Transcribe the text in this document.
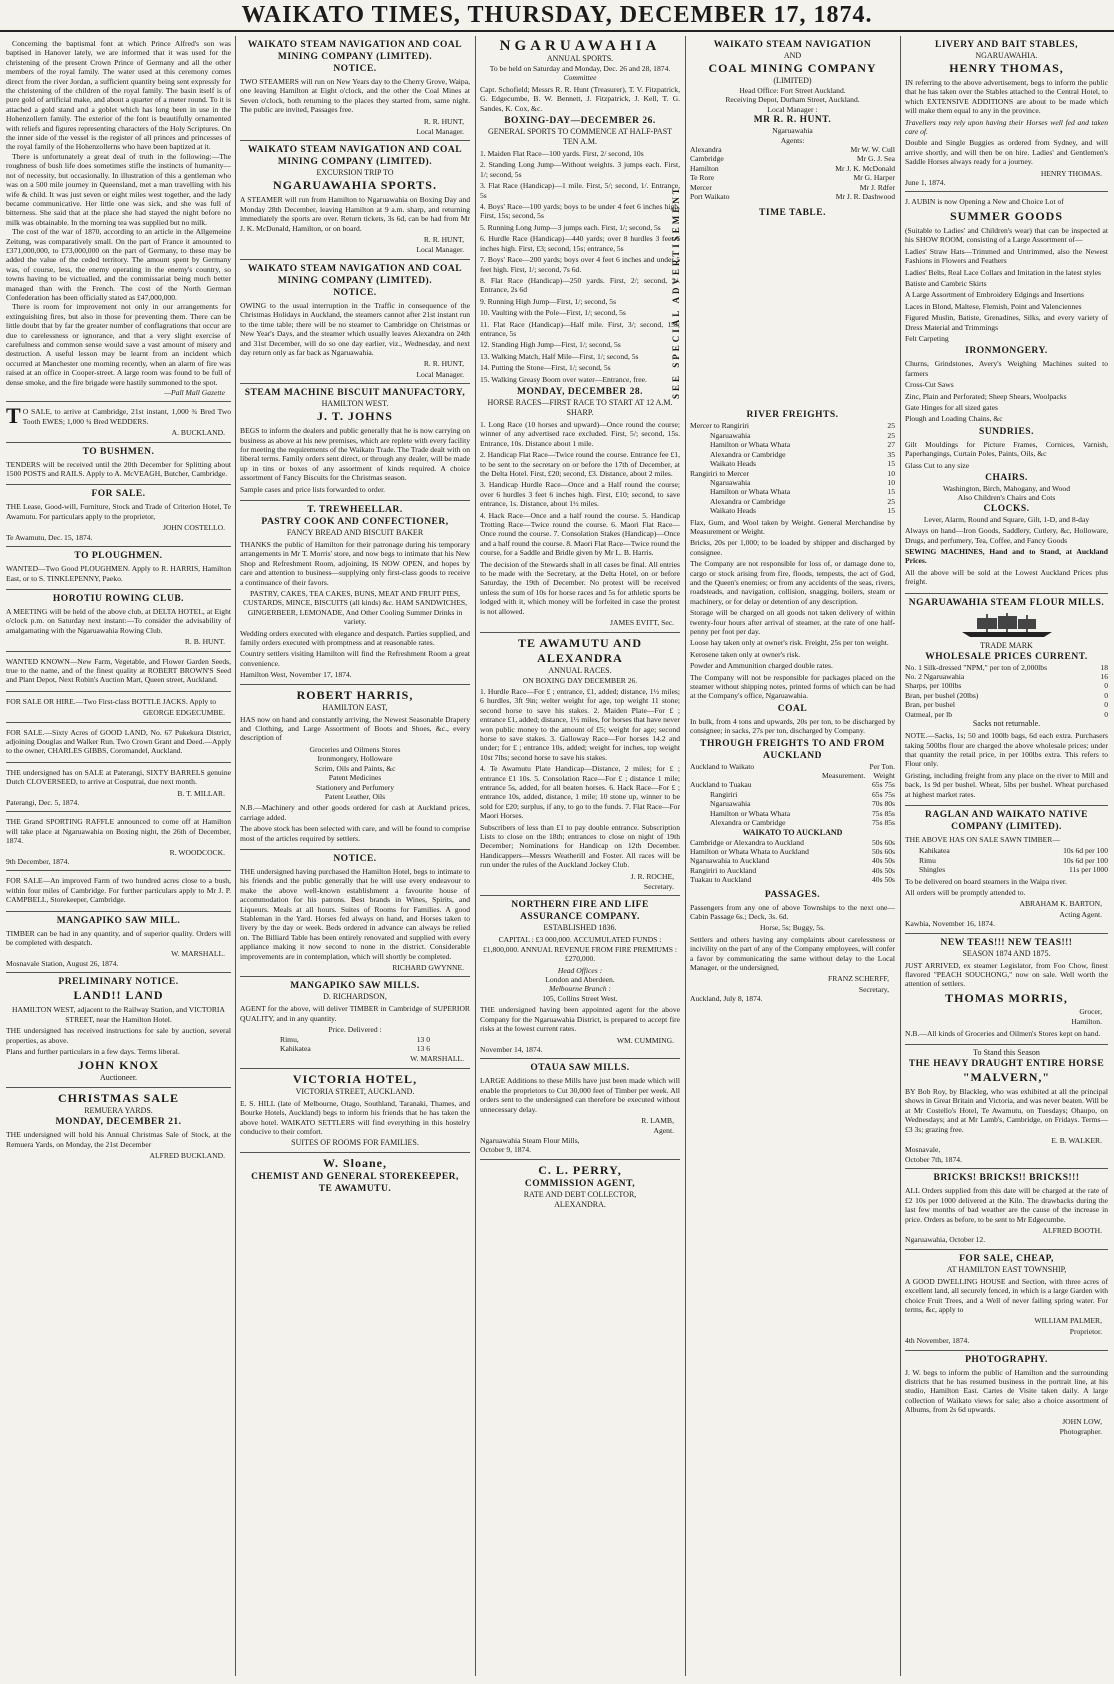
WAIKATO TIMES, THURSDAY, DECEMBER 17, 1874.
Concerning the baptismal font at which Prince Alfred's son was baptised in Hanover lately, we are informed that it was used for the christening of the present Crown Prince of Germany and all the other members of the royal family. The water used at this ceremony comes direct from the river Jordan, a sufficient quantity being sent expressly for the christening of the children of the royal family. The basin itself is of pure gold of artificial make, and about a quarter of a meter round. To it is attached a gold stand and a goblet which has long been in use in the Hohenzollern family. The exterior of the font is beautifully ornamented with reliefs and figures representing characters of the Holy Scriptures. On the inner side of the vessel is the register of all princes and princesses of the royal family of the Hohenzollerns who have been baptized at it.
There is unfortunately a great deal of truth in the following:—The roughness of bush life does sometimes stifle the instincts of humanity—not of necessity, but occasionally. In illustration of this a gentleman who was on a 500 mile journey in Queensland, met a man travelling with his wife & child. It was just seven or eight miles west together, and the lady became communicative. Her little one was sick, and she was full of bitterness. She said that at the place she had stayed the night before no milk was obtainable. In the morning tea was supplied but no milk.
The cost of the war of 1870, according to an article in the Allgemeine Zeitung, was comparatively small. On the part of France it amounted to £371,000,000, to £73,000,000 on the part of Germany, to these may be added the value of the ceded territory. The amount spent by Germany was, of course, less, the enemy operating in the enemy's country, so towns having to be victualled, and the commissariat being much better managed than with the French. The cost of the North German Confederation has been officially stated as £47,000,000.
There is room for improvement not only in our arrangements for extinguishing fires, but also in those for preventing them. There can be little doubt that by far the greater number of conflagrations that occur are due to carelessness or ignorance, and that a very slight exercise of carefulness and common sense would save a vast amount of misery and destruction. A useful lesson may be learnt from an incident which occurred at Manchester one morning recently, when an alarm of fire was raised at an office in Cooper-street. A large room was found to be full of dense smoke, and the fire brigade were hastily summoned to the spot.
—Pall Mall Gazette
TO SALE, to arrive at Cambridge, 21st instant, 1,000 ¾ Bred Two Tooth EWES; 1,000 ¾ Bred WEDDERS.
A. BUCKLAND.
TO BUSHMEN.
TENDERS will be received until the 20th December for Splitting about 1500 POSTS and RAILS. Apply to A. McVEAGH, Butcher, Cambridge.
FOR SALE.
THE Lease, Good-will, Furniture, Stock and Trade of Criterion Hotel, Te Awamutu. For particulars apply to the proprietor,
JOHN COSTELLO.
Te Awamutu, Dec. 15, 1874.
TO PLOUGHMEN.
WANTED—Two Good PLOUGHMEN. Apply to R. HARRIS, Hamilton East, or to S. TINKLEPENNY, Paeko.
HOROTIU ROWING CLUB.
A MEETING will be held of the above club, at DELTA HOTEL, at Eight o'clock p.m. on Saturday next instant:—To consider the advisability of amalgamating with the Ngaruawahia Rowing Club.
R. B. HUNT.
WANTED KNOWN—New Farm, Vegetable, and Flower Garden Seeds, true to the name, and of the finest quality at ROBERT BROWN'S Seed and Plant Depot, Next Robin's Auction Mart, Queen street, Auckland.
FOR SALE OR HIRE.—Two First-class BOTTLE JACKS. Apply to
GEORGE EDGECUMBE.
FOR SALE.—Sixty Acres of GOOD LAND, No. 67 Pukekura District, adjoining Douglas and Walker Run. Two Crown Grant and Deed.—Apply to the owner, CHARLES GIBBS, Coromandel, Auckland.
THE undersigned has on SALE at Paterangi, SIXTY BARRELS genuine Dutch CLOVERSEED, to arrive at Cosputrai, due next month.
B. T. MILLAR.
Paterangi, Dec. 5, 1874.
THE Grand SPORTING RAFFLE announced to come off at Hamilton will take place at Ngaruawahia on Boxing night, the 26th of December, 1874.
R. WOODCOCK.
9th December, 1874.
FOR SALE—An improved Farm of two hundred acres close to a bush, within four miles of Cambridge. For further particulars apply to Mr J. P. CAMPBELL, Storekeeper, Cambridge.
MANGAPIKO SAW MILL.
TIMBER can be had in any quantity, and of superior quality. Orders will be completed with despatch.
W. MARSHALL.
Mosnavale Station, August 26, 1874.
PRELIMINARY NOTICE.
LAND!! LAND
HAMILTON WEST, adjacent to the Railway Station, and VICTORIA STREET, near the Hamilton Hotel.
THE undersigned has received instructions for sale by auction, several properties, as above.
Plans and further particulars in a few days. Terms liberal.
JOHN KNOX
Auctioneer.
CHRISTMAS SALE
REMUERA YARDS.
MONDAY, DECEMBER 21.
THE undersigned will hold his Annual Christmas Sale of Stock, at the Remuera Yards, on Monday, the 21st December
ALFRED BUCKLAND.
WAIKATO STEAM NAVIGATION AND COAL MINING COMPANY (LIMITED).
NOTICE.
TWO STEAMERS will run on New Years day to the Cherry Grove, Waipa, one leaving Hamilton at Eight o'clock, and the other the Coal Mines at Seven o'clock, both returning to the places they started from, same night. The public are invited, Passages free.
R. R. HUNT,
Local Manager.
WAIKATO STEAM NAVIGATION AND COAL MINING COMPANY (LIMITED).
EXCURSION TRIP TO
NGARUAWAHIA SPORTS.
A STEAMER will run from Hamilton to Ngaruawahia on Boxing Day and Monday 28th December, leaving Hamilton at 9 a.m. sharp, and returning immediately the sports are over. Return tickets, 3s 6d, can be had from Mr J. K. McDonald, Hamilton, or on board.
R. R. HUNT,
Local Manager.
WAIKATO STEAM NAVIGATION AND COAL MINING COMPANY (LIMITED).
NOTICE.
OWING to the usual interruption in the Traffic in consequence of the Christmas Holidays in Auckland, the steamers cannot after 21st instant run to the time table; there will be no steamer to Cambridge on Christmas or New Year's Days, and the steamer which usually leaves Alexandra on 24th and 31st December, will do so one day earlier, viz., Wednesday, and next day return only as far back as Ngaruawahia.
R. R. HUNT,
Local Manager.
STEAM MACHINE BISCUIT MANUFACTORY,
HAMILTON WEST.
J. T. JOHNS
BEGS to inform the dealers and public generally that he is now carrying on business as above at his new premises, which are replete with every facility for meeting the requirements of the Waikato Trade. The Trade dealt with on liberal terms. Family orders sent direct, or through any dealer, will be made up in tins or boxes of any assortment of kinds required. A choice assortment of Fancy Biscuits for the Christmas season.
Sample cases and price lists forwarded to order.
T. TREWHEELLAR.
PASTRY COOK AND CONFECTIONER,
FANCY BREAD AND BISCUIT BAKER
THANKS the public of Hamilton for their patronage during his temporary arrangements in Mr T. Morris' store, and now begs to intimate that his New Shop and Refreshment Room, adjoining, IS NOW OPEN, and hopes by care and attention to business—supplying only first-class goods to receive a continuance of their favors.
PASTRY, CAKES, TEA CAKES, BUNS, MEAT AND FRUIT PIES, CUSTARDS, MINCE, BISCUITS (all kinds) &c. HAM SANDWICHES, GINGERBEER, LEMONADE, And Other Cooling Summer Drinks in variety.
Wedding orders executed with elegance and despatch. Parties supplied, and family orders executed with promptness and at reasonable rates.
Country settlers visiting Hamilton will find the Refreshment Room a great convenience.
Hamilton West, November 17, 1874.
ROBERT HARRIS,
HAMILTON EAST,
HAS now on hand and constantly arriving, the Newest Seasonable Drapery and Clothing, and Large Assortment of Boots and Shoes, &c., every description of
Groceries and Oilmens Stores
Ironmongery, Holloware
Scrim, Oils and Paints, &c
Patent Medicines
Stationery and Perfumery
Patent Leather, Oils
N.B.—Machinery and other goods ordered for cash at Auckland prices, carriage added.
The above stock has been selected with care, and will be found to comprise most of the articles required by settlers.
NOTICE.
THE undersigned having purchased the Hamilton Hotel, begs to intimate to his friends and the public generally that he will use every endeavour to make the above well-known establishment a favourite house of accommodation for his patrons. Best brands in Wines, Spirits, and Liqueurs. Meals at all hours. Suites of Rooms for Families. A good Stableman in the Yard. Horses fed always on hand, and Horses taken to livery by the day or week. Beds ordered in advance can always be relied on. The Billiard Table has been entirely renovated and supplied with every appliance making it now second to none in the district. Considerable improvements are in contemplation, which will shortly be completed.
RICHARD GWYNNE.
MANGAPIKO SAW MILLS.
D. RICHARDSON,
AGENT for the above, will deliver TIMBER in Cambridge of SUPERIOR QUALITY, and in any quantity.
Price. Delivered :
Rimu,	13 0
Kahikatea	13 6
W. MARSHALL.
VICTORIA HOTEL,
VICTORIA STREET, AUCKLAND.
E. S. HILL (late of Melbourne, Otago, Southland, Taranaki, Thames, and Bourke Hotels, Auckland) begs to inform his friends that he has taken the above hotel. WAIKATO SETTLERS will find everything in this hostelry conducive to their comfort.
SUITES OF ROOMS FOR FAMILIES.
W. Sloane,
CHEMIST AND GENERAL STOREKEEPER,
TE AWAMUTU.
NGARUAWAHIA
ANNUAL SPORTS.
To be held on Saturday and Monday, Dec. 26 and 28, 1874.
Committee
Capt. Schofield; Messrs R. R. Hunt (Treasurer), T. V. Fitzpatrick, G. Edgecumbe, B. W. Bennett, J. Fitzpatrick, J. Kell, T. G. Sandes, K. Cox, &c.
BOXING-DAY—DECEMBER 26.
GENERAL SPORTS TO COMMENCE AT HALF-PAST TEN A.M.
1. Maiden Flat Race—100 yards. First, 2/ second, 10s
2. Standing Long Jump—Without weights. 3 jumps each. First, 1/; second, 5s
3. Flat Race (Handicap)—1 mile. First, 5/; second, 1/. Entrance, 5s
4. Boys' Race—100 yards; boys to be under 4 feet 6 inches high. First, 15s; second, 5s
5. Running Long Jump—3 jumps each. First, 1/; second, 5s
6. Hurdle Race (Handicap)—440 yards; over 8 hurdles 3 feet 6 inches high. First, £3; second, 15s; entrance, 5s
7. Boys' Race—200 yards; boys over 4 feet 6 inches and under 5 feet high. First, 1/; second, 7s 6d.
8. Flat Race (Handicap)—250 yards. First, 2/; second, 1/. Entrance, 2s 6d
9. Running High Jump—First, 1/; second, 5s
10. Vaulting with the Pole—First, 1/; second, 5s
11. Flat Race (Handicap)—Half mile. First, 3/; second, 15s; entrance, 5s
12. Standing High Jump—First, 1/; second, 5s
13. Walking Match, Half Mile—First, 1/; second, 5s
14. Putting the Stone—First, 1/; second, 5s
15. Walking Greasy Boom over water—Entrance, free.
MONDAY, DECEMBER 28.
HORSE RACES—FIRST RACE TO START AT 12 A.M. SHARP.
1. Long Race (10 horses and upward)—Once round the course; winner of any advertised race excluded. First, 5/; second, 15s. Entrance, 10s. Distance about 1 mile.
2. Handicap Flat Race—Twice round the course. Entrance fee £1, to be sent to the secretary on or before the 17th of December, at the Delta Hotel. First, £20; second, £3. Distance, about 2 miles.
3. Handicap Hurdle Race—Once and a Half round the course; over 6 hurdles 3 feet 6 inches high. First, £10; second, to save entrance, 1s. Distance, about 1½ miles.
4. Hack Race—Once and a half round the course. 5. Handicap Trotting Race—Twice round the course. 6. Maori Flat Race—Once round the course. 7. Consolation Stakes (Handicap)—Once and a half round the course. 8. Maori Flat Race—Twice round the course, for a Saddle and Bridle given by Mr L. B. Harris.
The decision of the Stewards shall in all cases be final. All entries to be made with the Secretary, at the Delta Hotel, on or before Saturday, the 19th of December. No protest will be received unless the sum of 10s for horse races and 5s for athletic sports be lodged with it, which money will be forfeited in case the protest is not allowed.
JAMES EVITT, Sec.
TE AWAMUTU AND ALEXANDRA
ANNUAL RACES.
ON BOXING DAY DECEMBER 26.
1. Hurdle Race—For £ ; entrance, £1, added; distance, 1½ miles; 6 hurdles, 3ft 9in; welter weight for age, top weight 11 stone; second horse to save his stakes. 2. Maiden Plate—For £ ; entrance £1, added; distance, 1½ miles, for horses that have never won public money to the amount of £5; weight for age; second horse to save stakes. 3. Galloway Race—For horses 14.2 and under; for £ ; entrance 10s, added; weight for inches, top weight 10st 7lbs; second horse to save his stakes.
4. Te Awamutu Plate Handicap—Distance, 2 miles; for £ ; entrance £1 10s. 5. Consolation Race—For £ ; distance 1 mile; entrance 5s, added, for all beaten horses. 6. Hack Race—For £ ; entrance 10s, added, distance, 1 mile; 10 stone up, winner to be sold for £20; surplus, if any, to go to the funds. 7. Flat Race—For Maori Horses.
Subscribers of less than £1 to pay double entrance. Subscription Lists to close on the 18th; entrances to close on night of 19th December; Nominations for Handicap on 12th December. Handicappers—Messrs Weatherill and Foster. All races will be run under the rules of the Auckland Jockey Club.
J. R. ROCHE,
Secretary.
NORTHERN FIRE AND LIFE ASSURANCE COMPANY.
ESTABLISHED 1836.
CAPITAL : £3 000,000. ACCUMULATED FUNDS : £1,800,000. ANNUAL REVENUE FROM FIRE PREMIUMS : £270,000.
Head Offices :
London and Aberdeen.
Melbourne Branch :
105, Collins Street West.
THE undersigned having been appointed agent for the above Company for the Ngaruawahia District, is prepared to accept fire risks at the lowest current rates.
WM. CUMMING.
November 14, 1874.
OTAUA SAW MILLS.
LARGE Additions to these Mills have just been made which will enable the proprietors to Cut 30,000 feet of Timber per week. All orders sent to the undersigned can therefore be executed without unnecessary delay.
R. LAMB,
Agent.
Ngaruawahia Steam Flour Mills,
October 9, 1874.
C. L. PERRY,
COMMISSION AGENT,
RATE AND DEBT COLLECTOR,
ALEXANDRA.
WAIKATO STEAM NAVIGATION
AND
COAL MINING COMPANY
(LIMITED)
Head Office: Fort Street Auckland.
Receiving Depot, Durham Street, Auckland.
Local Manager :
MR R. R. HUNT.
Ngaruawahia
Agents:
Alexandra	Mr W. W. Cull
Cambridge	Mr G. J. Sea
Hamilton	Mr J. K. McDonald
Te Rore	Mr G. Harper
Mercer	Mr J. Rdfer
Port Waikato	Mr J. R. Dashwood
TIME TABLE.
SEE SPECIAL ADVERTISEMENT
RIVER FREIGHTS.
Mercer to Rangiriri	25
Ngaruawahia	25
Hamilton or Whata Whata	27
Alexandra or Cambridge	35
Waikato Heads	15
Rangiriri to Mercer	10
Ngaruawahia	10
Hamilton or Whata Whata	15
Alexandra or Cambridge	25
Waikato Heads	15
Flax, Gum, and Wool taken by Weight. General Merchandise by Measurement or Weight.
Bricks, 20s per 1,000; to be loaded by shipper and discharged by consignee.
The Company are not responsible for loss of, or damage done to, cargo or stock arising from fire, floods, tempests, the act of God, and the Queen's enemies; or from any accidents of the seas, rivers, roadsteads, and navigation, collision, snagging, boilers, steam or machinery, or for delay or detention of any description.
Storage will be charged on all goods not taken delivery of within twenty-four hours after arrival of steamer, at the rate of one half-penny per foot per day.
Loose hay taken only at owner's risk. Freight, 25s per ton weight.
Kerosene taken only at owner's risk.
Powder and Ammunition charged double rates.
The Company will not be responsible for packages placed on the steamer without shipping notes, printed forms of which can be had at the Company's office, Ngaruawahia.
COAL
In bulk, from 4 tons and upwards, 20s per ton, to be discharged by consignee; in sacks, 27s per ton, discharged by Company.
THROUGH FREIGHTS TO AND FROM AUCKLAND
Auckland to Waikato	Per Ton.
Measurement. Weight
Auckland to Tuakau	65s 75s
Rangiriri	65s 75s
Ngaruawahia	70s 80s
Hamilton or Whata Whata	75s 85s
Alexandra or Cambridge	75s 85s
WAIKATO TO AUCKLAND
Cambridge or Alexandra to Auckland	50s 60s
Hamilton or Whata Whata to Auckland	50s 60s
Ngaruawahia to Auckland	40s 50s
Rangiriri to Auckland	40s 50s
Tuakau to Auckland	40s 50s
PASSAGES.
Passengers from any one of above Townships to the next one—Cabin Passage 6s.; Deck, 3s. 6d.
Horse, 5s; Buggy, 5s.
Settlers and others having any complaints about carelessness or incivility on the part of any of the Company employees, will confer a favor by communicating the same without delay to the Local Manager, or the undersigned,
FRANZ SCHERFF,
Secretary,
Auckland, July 8, 1874.
LIVERY AND BAIT STABLES,
NGARUAWAHIA.
HENRY THOMAS,
IN referring to the above advertisement, begs to inform the public that he has taken over the Stables attached to the Central Hotel, to which EXTENSIVE ADDITIONS are about to be made which will make them equal to any in the province.
Travellers may rely upon having their Horses well fed and taken care of.
Double and Single Buggies as ordered from Sydney, and will arrive shortly, and will then be on hire. Ladies' and Gentlemen's Saddle Horses always ready for a journey.
HENRY THOMAS.
June 1, 1874.
J. AUBIN is now Opening a New and Choice Lot of
SUMMER GOODS
(Suitable to Ladies' and Children's wear) that can be inspected at his SHOW ROOM, consisting of a Large Assortment of—
Ladies' Straw Hats—Trimmed and Untrimmed, also the Newest Fashions in Flowers and Feathers
Ladies' Belts, Real Lace Collars and Imitation in the latest styles
Batiste and Cambric Skirts
A Large Assortment of Embroidery Edgings and Insertions
Laces in Blond, Maltese, Flemish, Point and Valenciennes
Figured Muslin, Batiste, Grenadines, Silks, and every variety of Dress Material and Trimmings
Felt Carpeting
IRONMONGERY.
Churns, Grindstones, Avery's Weighing Machines suited to farmers
Cross-Cut Saws
Zinc, Plain and Perforated; Sheep Shears, Woolpacks
Gate Hinges for all sized gates
Plough and Loading Chains, &c
SUNDRIES.
Gilt Mouldings for Picture Frames, Cornices, Varnish, Paperhangings, Curtain Poles, Paints, Oils, &c
Glass Cut to any size
CHAIRS.
Washington, Birch, Mahogany, and Wood
Also Children's Chairs and Cots
CLOCKS.
Lever, Alarm, Round and Square, Gilt, 1-D, and 8-day
Always on hand—Iron Goods, Saddlery, Cutlery, &c, Holloware, Drugs, and perfumery, Tea, Coffee, and Fancy Goods
SEWING MACHINES, Hand and to Stand, at Auckland Prices.
All the above will be sold at the Lowest Auckland Prices plus freight.
NGARUAWAHIA STEAM FLOUR MILLS.
TRADE MARK
WHOLESALE PRICES CURRENT.
No. 1 Silk-dressed "NPM," per ton of 2,000lbs	18
No. 2 Ngaruawahia	16
Sharps, per 100lbs	0
Bran, per bushel (20lbs)	0
Bran, per bushel	0
Oatmeal, per lb	0
Sacks not returnable.
NOTE.—Sacks, 1s; 50 and 100lb bags, 6d each extra. Purchasers taking 500lbs flour are charged the above wholesale prices; under that quantity the retail price, in per 100lbs extra. This refers to Flour only.
Gristing, including freight from any place on the river to Mill and back, 1s 9d per bushel. Wheat, 5lbs per bushel. Wheat purchased at highest market rates.
RAGLAN AND WAIKATO NATIVE COMPANY (LIMITED).
THE ABOVE HAS ON SALE SAWN TIMBER—
Kahikatea	10s 6d per 100
Rimu	10s 6d per 100
Shingles	11s per 1000
To be delivered on board steamers in the Waipa river.
All orders will be promptly attended to.
ABRAHAM K. BARTON,
Acting Agent.
Kawhia, November 16, 1874.
NEW TEAS!!! NEW TEAS!!!
SEASON 1874 AND 1875.
JUST ARRIVED, ex steamer Legislator, from Foo Chow, finest flavored "PEACH SOUCHONG," now on sale. Well worth the attention of settlers.
THOMAS MORRIS,
Grocer,
Hamilton.
N.B.—All kinds of Groceries and Oilmen's Stores kept on hand.
To Stand this Season
THE HEAVY DRAUGHT ENTIRE HORSE
"MALVERN,"
BY Bob Roy, by Blackleg, who was exhibited at all the principal shows in Great Britain and Victoria, and was never beaten. Will be at Mr Costello's Hotel, Te Awamutu, on Tuesdays; Ohaupo, on Wednesdays; and at Mr Lamb's, Cambridge, on Fridays. Terms—£3 3s; grazing free.
E. B. WALKER.
Mosnavale,
October 7th, 1874.
BRICKS! BRICKS!! BRICKS!!!
ALL Orders supplied from this date will be charged at the rate of £2 10s per 1000 delivered at the Kiln. The drawbacks during the last few months of bad weather are the cause of the increase in price. Orders as before, to be sent to Mr Edgecumbe.
ALFRED BOOTH.
Ngaruawahia, October 12.
FOR SALE, CHEAP,
AT HAMILTON EAST TOWNSHIP,
A GOOD DWELLING HOUSE and Section, with three acres of excellent land, all securely fenced, in which is a large Garden with choice Fruit Trees, and a Well of never failing spring water. For terms, &c, apply to
WILLIAM PALMER,
Proprietor.
4th November, 1874.
PHOTOGRAPHY.
J. W. begs to inform the public of Hamilton and the surrounding districts that he has resumed business in the portrait line, at his studio, Hamilton East. Cartes de Visite taken daily. A large collection of Waikato views for sale; also a choice assortment of Albums, from 2s 6d upwards.
JOHN LOW,
Photographer.
